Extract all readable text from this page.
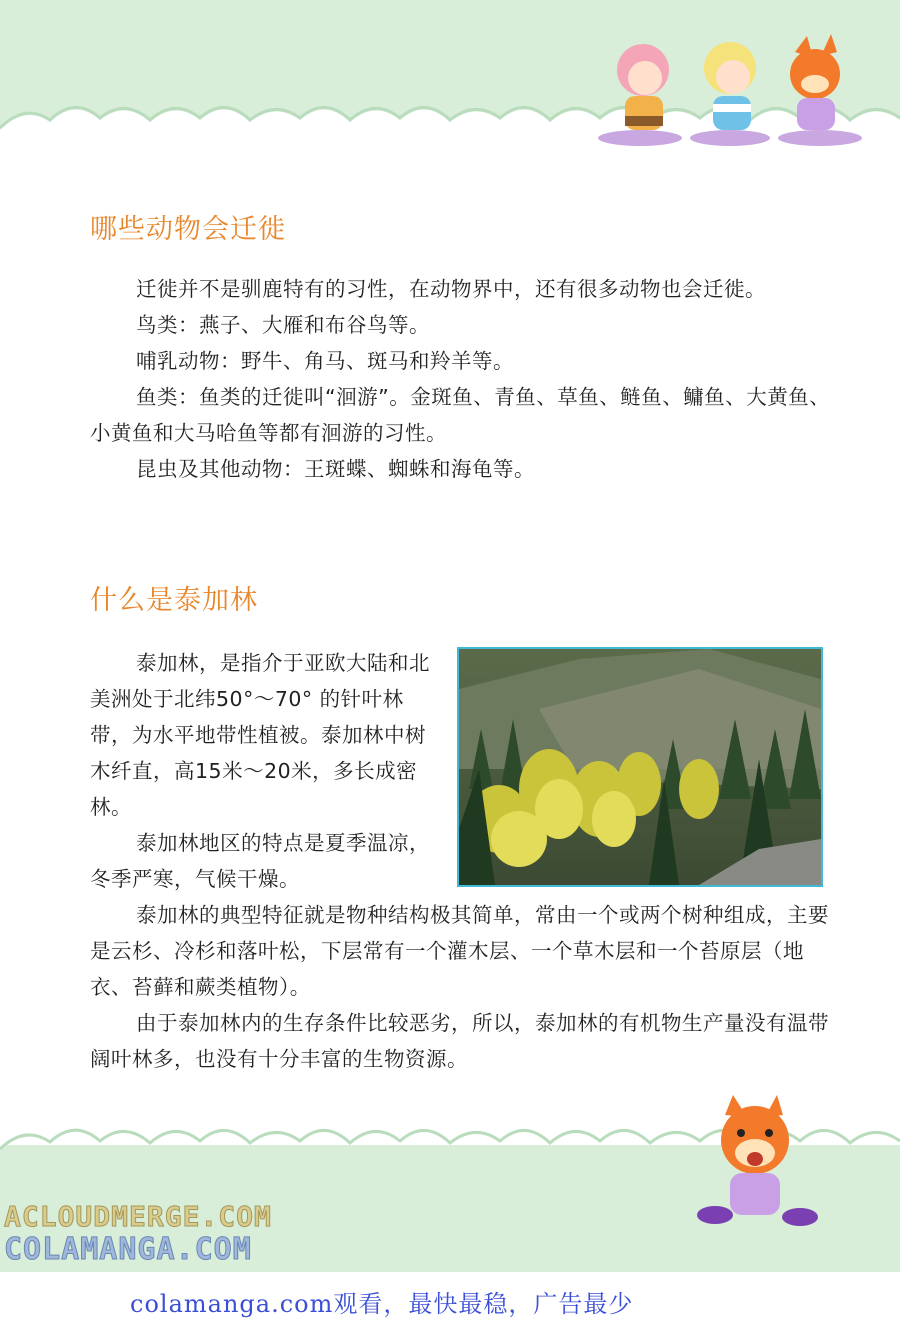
哪些动物会迁徙

迁徙并不是驯鹿特有的习性，在动物界中，还有很多动物也会迁徙。

鸟类：燕子、大雁和布谷鸟等。

哺乳动物：野牛、角马、斑马和羚羊等。

鱼类：鱼类的迁徙叫“洄游”。金斑鱼、青鱼、草鱼、鲢鱼、鳙鱼、大黄鱼、小黄鱼和大马哈鱼等都有洄游的习性。

昆虫及其他动物：王斑蝶、蜘蛛和海龟等。

什么是泰加林

泰加林，是指介于亚欧大陆和北美洲处于北纬50°～70° 的针叶林带，为水平地带性植被。泰加林中树木纤直，高15米～20米，多长成密林。

泰加林地区的特点是夏季温凉，冬季严寒，气候干燥。

泰加林的典型特征就是物种结构极其简单，常由一个或两个树种组成，主要是云杉、冷杉和落叶松，下层常有一个灌木层、一个草木层和一个苔原层（地衣、苔藓和蕨类植物）。

由于泰加林内的生存条件比较恶劣，所以，泰加林的有机物生产量没有温带阔叶林多，也没有十分丰富的生物资源。

ACLOUDMERGE.COM
COLAMANGA.COM
colamanga.com观看，最快最稳，广告最少
